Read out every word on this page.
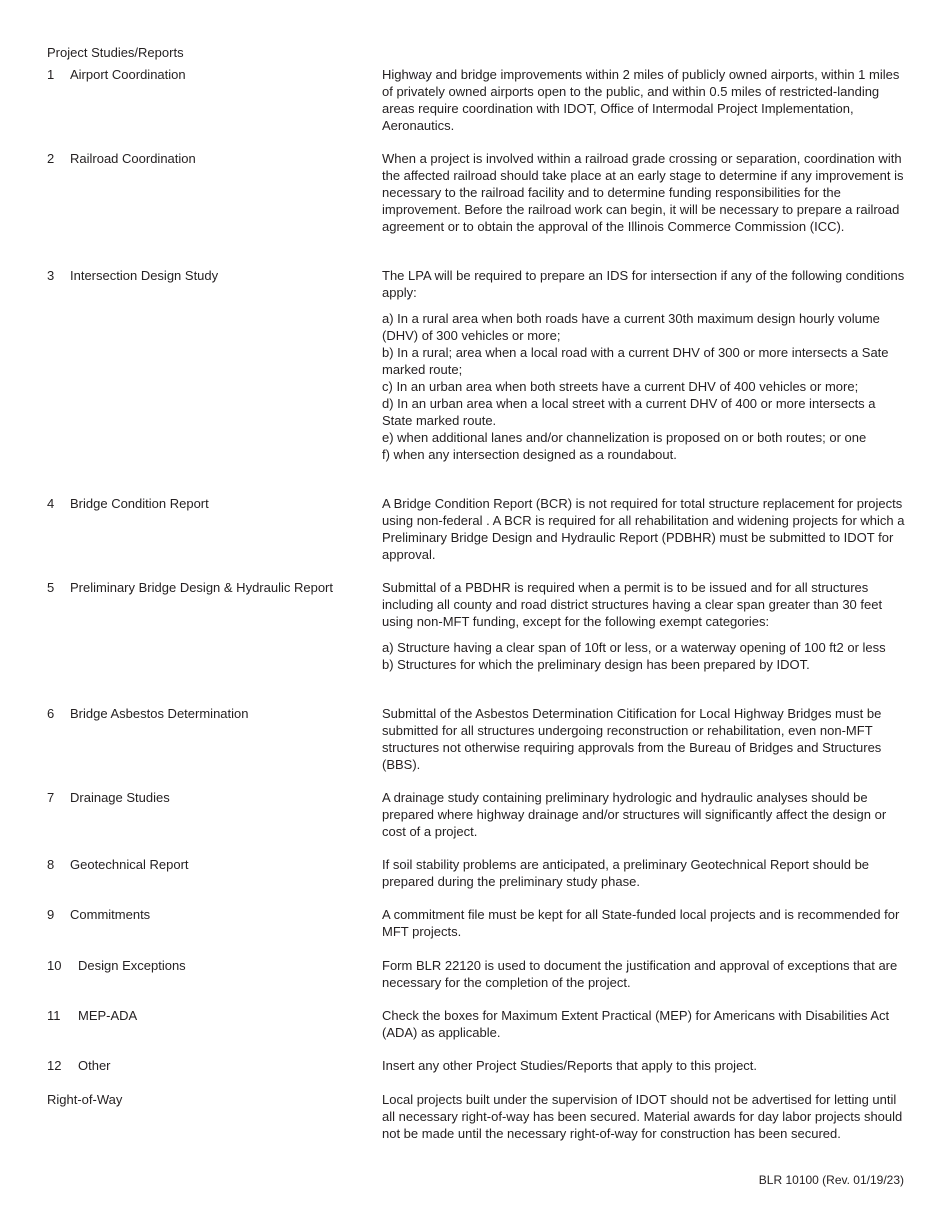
Project Studies/Reports
1 Airport Coordination	Highway and bridge improvements within 2 miles of publicly owned airports, within 1 miles of privately owned airports open to the public, and within 0.5 miles of restricted-landing areas require coordination with IDOT, Office of Intermodal Project Implementation, Aeronautics.

2 Railroad Coordination	When a project is involved within a railroad grade crossing or separation, coordination with the affected railroad should take place at an early stage to determine if any improvement is necessary to the railroad facility and to determine funding responsibilities for the improvement. Before the railroad work can begin, it will be necessary to prepare a railroad agreement or to obtain the approval of the Illinois Commerce Commission (ICC).

3 Intersection Design Study	The LPA will be required to prepare an IDS for intersection if any of the following conditions apply:

a) In a rural area when both roads have a current 30th maximum design hourly volume (DHV) of 300 vehicles or more;

b) In a rural; area when a local road with a current DHV of 300 or more intersects a Sate marked route;

c) In an urban area when both streets have a current DHV of 400 vehicles or more;

d) In an urban area when a local street with a current DHV of 400 or more intersects a State marked route.

e) when additional lanes and/or channelization is proposed on or both routes; or one

f) when any intersection designed as a roundabout.

4 Bridge Condition Report	A Bridge Condition Report (BCR) is not required for total structure replacement for projects using non-federal . A BCR is required for all rehabilitation and widening projects for which a Preliminary Bridge Design and Hydraulic Report (PDBHR) must be submitted to IDOT for approval.

5 Preliminary Bridge Design & Hydraulic Report	Submittal of a PBDHR is required when a permit is to be issued and for all structures including all county and road district structures having a clear span greater than 30 feet using non-MFT funding, except for the following exempt categories:

a) Structure having a clear span of 10ft or less, or a waterway opening of 100 ft2 or less

b) Structures for which the preliminary design has been prepared by IDOT.

6 Bridge Asbestos Determination	Submittal of the Asbestos Determination Citification for Local Highway Bridges must be submitted for all structures undergoing reconstruction or rehabilitation, even non-MFT structures not otherwise requiring approvals from the Bureau of Bridges and Structures (BBS).

7 Drainage Studies	A drainage study containing preliminary hydrologic and hydraulic analyses should be prepared where highway drainage and/or structures will significantly affect the design or cost of a project.

8 Geotechnical Report	If soil stability problems are anticipated, a preliminary Geotechnical Report should be prepared during the preliminary study phase.

9 Commitments	A commitment file must be kept for all State-funded local projects and is recommended for MFT projects.

10 Design Exceptions	Form BLR 22120 is used to document the justification and approval of exceptions that are necessary for the completion of the project.

11 MEP-ADA	Check the boxes for Maximum Extent Practical (MEP) for Americans with Disabilities Act (ADA) as applicable.

12 Other	Insert any other Project Studies/Reports that apply to this project.

Right-of-Way	Local projects built under the supervision of IDOT should not be advertised for letting until all necessary right-of-way has been secured. Material awards for day labor projects should not be made until the necessary right-of-way for construction has been secured.

BLR 10100 (Rev. 01/19/23)
